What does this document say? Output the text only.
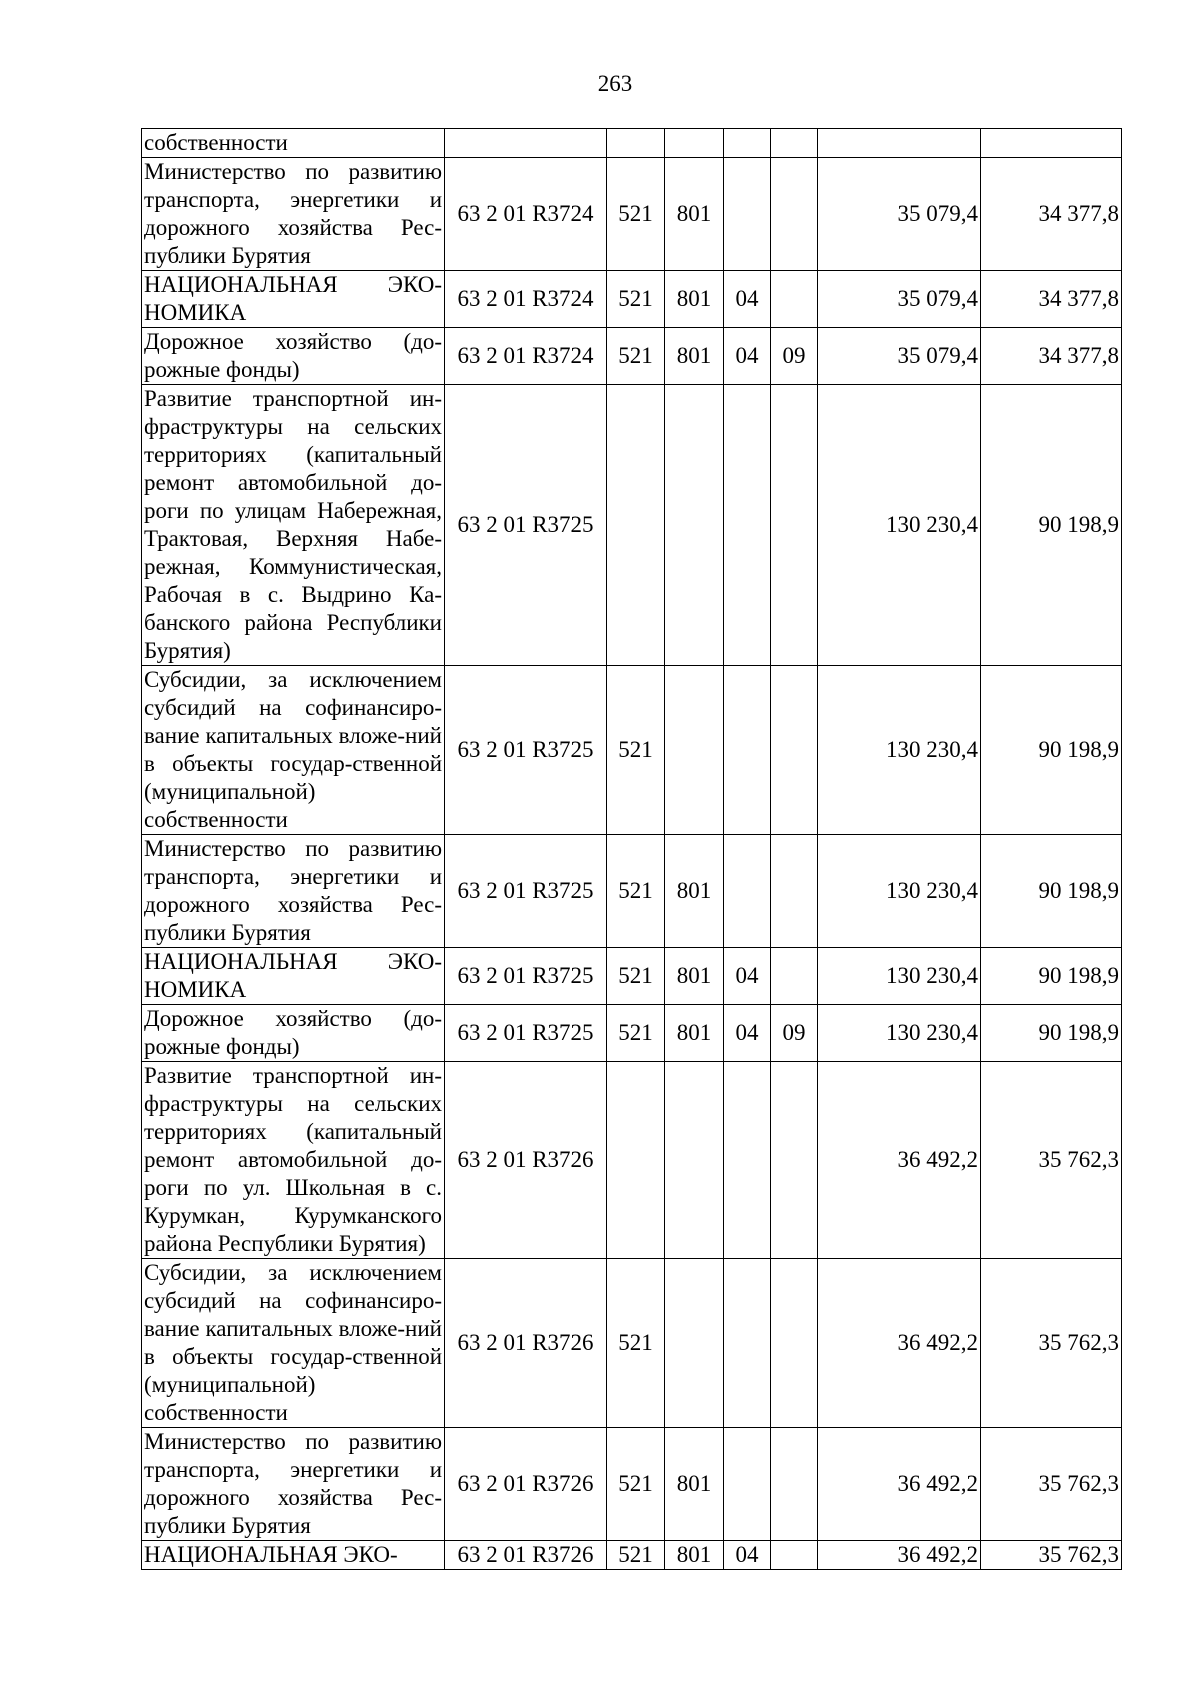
263
собственности							
Министерство по развитию транспорта, энергетики и дорожного хозяйства Рес-публики Бурятия	63 2 01 R3724	521	801			35 079,4	34 377,8
НАЦИОНАЛЬНАЯ ЭКО-НОМИКА	63 2 01 R3724	521	801	04		35 079,4	34 377,8
Дорожное хозяйство (до-рожные фонды)	63 2 01 R3724	521	801	04	09	35 079,4	34 377,8
Развитие транспортной ин-фраструктуры на сельских территориях (капитальный ремонт автомобильной до-роги по улицам Набережная, Трактовая, Верхняя Набе-режная, Коммунистическая, Рабочая в с. Выдрино Ка-банского района Республики Бурятия)	63 2 01 R3725					130 230,4	90 198,9
Субсидии, за исключением субсидий на софинансиро-вание капитальных вложе-ний в объекты государ-ственной (муниципальной) собственности	63 2 01 R3725	521				130 230,4	90 198,9
Министерство по развитию транспорта, энергетики и дорожного хозяйства Рес-публики Бурятия	63 2 01 R3725	521	801			130 230,4	90 198,9
НАЦИОНАЛЬНАЯ ЭКО-НОМИКА	63 2 01 R3725	521	801	04		130 230,4	90 198,9
Дорожное хозяйство (до-рожные фонды)	63 2 01 R3725	521	801	04	09	130 230,4	90 198,9
Развитие транспортной ин-фраструктуры на сельских территориях (капитальный ремонт автомобильной до-роги по ул. Школьная в с. Курумкан, Курумканского района Республики Бурятия)	63 2 01 R3726					36 492,2	35 762,3
Субсидии, за исключением субсидий на софинансиро-вание капитальных вложе-ний в объекты государ-ственной (муниципальной) собственности	63 2 01 R3726	521				36 492,2	35 762,3
Министерство по развитию транспорта, энергетики и дорожного хозяйства Рес-публики Бурятия	63 2 01 R3726	521	801			36 492,2	35 762,3
НАЦИОНАЛЬНАЯ ЭКО-	63 2 01 R3726	521	801	04		36 492,2	35 762,3
